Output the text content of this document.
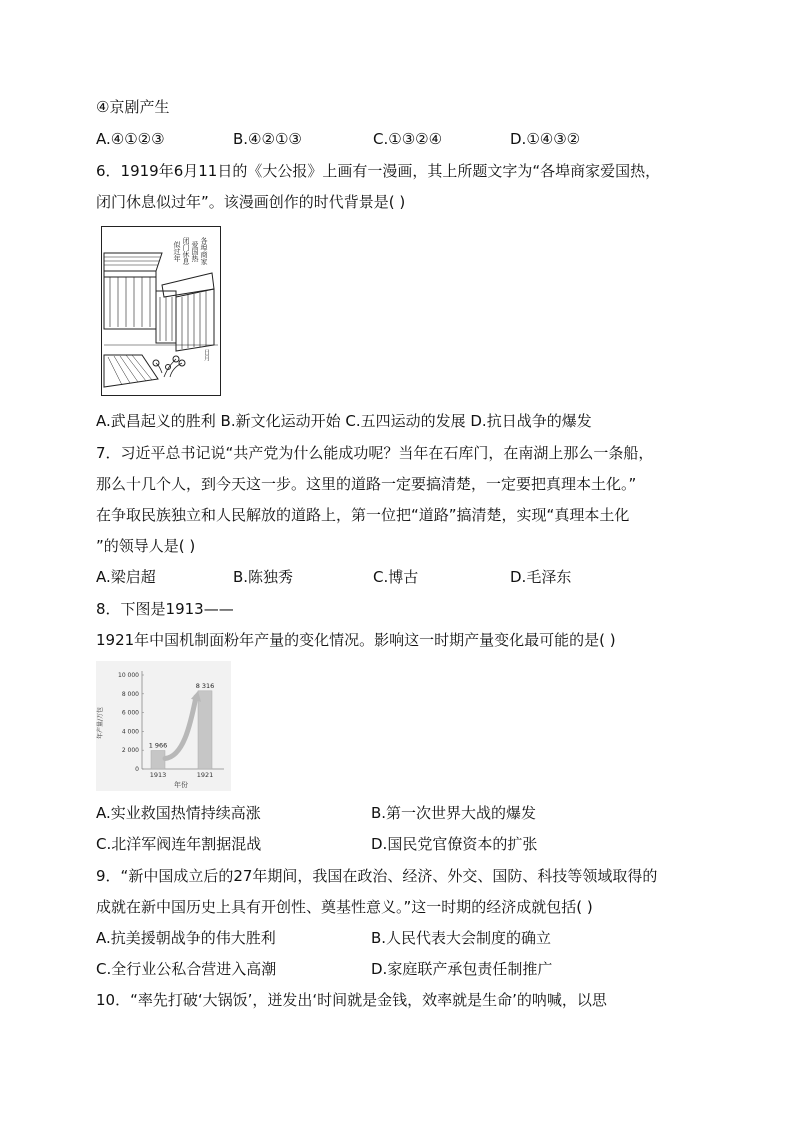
④京剧产生
A.④①②③	B.④②①③	C.①③②④	D.①④③②
6．1919年6月11日的《大公报》上画有一漫画，其上所题文字为“各埠商家爱国热，
闭门休息似过年”。该漫画创作的时代背景是( )
各埠商家
爱国热
闭门休息
似过年
日月
A.武昌起义的胜利 B.新文化运动开始 C.五四运动的发展 D.抗日战争的爆发
7．习近平总书记说“共产党为什么能成功呢？当年在石库门，在南湖上那么一条船，
那么十几个人，到今天这一步。这里的道路一定要搞清楚，一定要把真理本土化。”
在争取民族独立和人民解放的道路上，第一位把“道路”搞清楚，实现“真理本土化
”的领导人是( )
A.梁启超	B.陈独秀	C.博古	D.毛泽东
8．下图是1913——
1921年中国机制面粉年产量的变化情况。影响这一时期产量变化最可能的是( )
年产量/万包
年份
10 000
8 000
6 000
4 000
2 000
0
1 966
1913
8 316
1921
A.实业救国热情持续高涨	B.第一次世界大战的爆发
C.北洋军阀连年割据混战	D.国民党官僚资本的扩张
9．“新中国成立后的27年期间，我国在政治、经济、外交、国防、科技等领域取得的
成就在新中国历史上具有开创性、奠基性意义。”这一时期的经济成就包括( )
A.抗美援朝战争的伟大胜利	B.人民代表大会制度的确立
C.全行业公私合营进入高潮	D.家庭联产承包责任制推广
10．“率先打破‘大锅饭’，迸发出‘时间就是金钱，效率就是生命’的呐喊，以思
